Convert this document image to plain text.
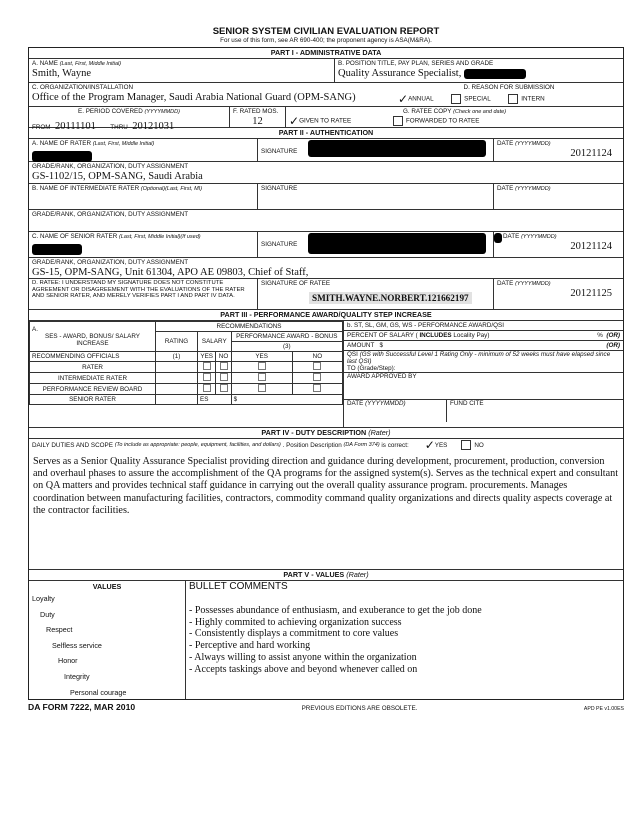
SENIOR SYSTEM CIVILIAN EVALUATION REPORT
For use of this form, see AR 690-400; the proponent agency is ASA(M&RA).
PART I - ADMINISTRATIVE DATA
A. NAME (Last, First, Middle Initial)
Smith, Wayne
B. POSITION TITLE, PAY PLAN, SERIES AND GRADE
Quality Assurance Specialist,
C. ORGANIZATION/INSTALLATION
Office of the Program Manager, Saudi Arabia National Guard (OPM-SANG)
D. REASON FOR SUBMISSION
✓ANNUAL	SPECIAL	INTERN
E. PERIOD COVERED (YYYYMMDD)
FROM 20111101 THRU 20121031
F. RATED MOS.
12
G. RATEE COPY (Check one and date)
✓GIVEN TO RATEE	FORWARDED TO RATEE
PART II - AUTHENTICATION
A. NAME OF RATER (Last, First, Middle Initial)
SIGNATURE
DATE (YYYYMMDD)
20121124
GRADE/RANK, ORGANIZATION, DUTY ASSIGNMENT
GS-1102/15, OPM-SANG, Saudi Arabia
B. NAME OF INTERMEDIATE RATER (Optional)(Last, First, MI)	SIGNATURE	DATE (YYYYMMDD)
GRADE/RANK, ORGANIZATION, DUTY ASSIGNMENT
C. NAME OF SENIOR RATER (Last, First, Middle Initial)(If used)
SIGNATURE
DATE (YYYYMMDD)
20121124
GRADE/RANK, ORGANIZATION, DUTY ASSIGNMENT
GS-15, OPM-SANG, Unit 61304, APO AE 09803, Chief of Staff,
D. RATEE: I UNDERSTAND MY SIGNATURE DOES NOT CONSTITUTE AGREEMENT OR DISAGREEMENT WITH THE EVALUATIONS OF THE RATER AND SENIOR RATER, AND MERELY VERIFIES PART I AND PART IV DATA.
SIGNATURE OF RATEE
SMITH.WAYNE.NORBERT.121662197
DATE (YYYYMMDD)
20121125
PART III - PERFORMANCE AWARD/QUALITY STEP INCREASE
A.
SES - AWARD, BONUS/ SALARY INCREASE	RECOMMENDATIONS				
	RATING	SALARY		PERFORMANCE AWARD - BONUS	
				(3)	
RECOMMENDING OFFICIALS	(1)	YES	NO	YES	NO
RATER					
INTERMEDIATE RATER					
PERFORMANCE REVIEW BOARD					
SENIOR RATER		ES		$	
b. ST, SL, GM, GS, WS - PERFORMANCE AWARD/QSI
PERCENT OF SALARY (
INCLUDES
Locality Pay)	%
(OR)
AMOUNT
$	(OR)
QSI (GS with Successful Level 1 Rating Only - minimum of 52 weeks must have elapsed since last QSI)
TO (Grade/Step):
AWARD APPROVED BY
DATE (YYYYMMDD)	FUND CITE
PART IV - DUTY DESCRIPTION (Rater)
DAILY DUTIES AND SCOPE
(To include as appropriate: people, equipment, facilities, and dollars)
. Position Description
(DA Form 374)
is correct: ✓ YES	NO
Serves as a Senior Quality Assurance Specialist providing direction and guidance during development, procurement, production, conversion and overhaul phases to assure the accomplishment of the QA programs for the assigned system(s). Serves as the technical expert and consultant on QA matters and provides technical staff guidance in carrying out the overall quality assurance program. procurements. Manages coordination between manufacturing facilities, contractors, commodity command quality organizations and directs quality aspects coverage at the contractor facilities.
PART V - VALUES (Rater)
VALUES
Loyalty
Duty
Respect
Selfless service
Honor
Integrity
Personal courage
BULLET COMMENTS
- Possesses abundance of enthusiasm, and exuberance to get the job done
- Highly commited to achieving organization success
- Consistently displays a commitment to core values
- Perceptive and hard working
- Always willing to assist anyone within the organization
- Accepts taskings above and beyond whenever called on
DA FORM 7222, MAR 2010	PREVIOUS EDITIONS ARE OBSOLETE.	APD PE v1.00ES
